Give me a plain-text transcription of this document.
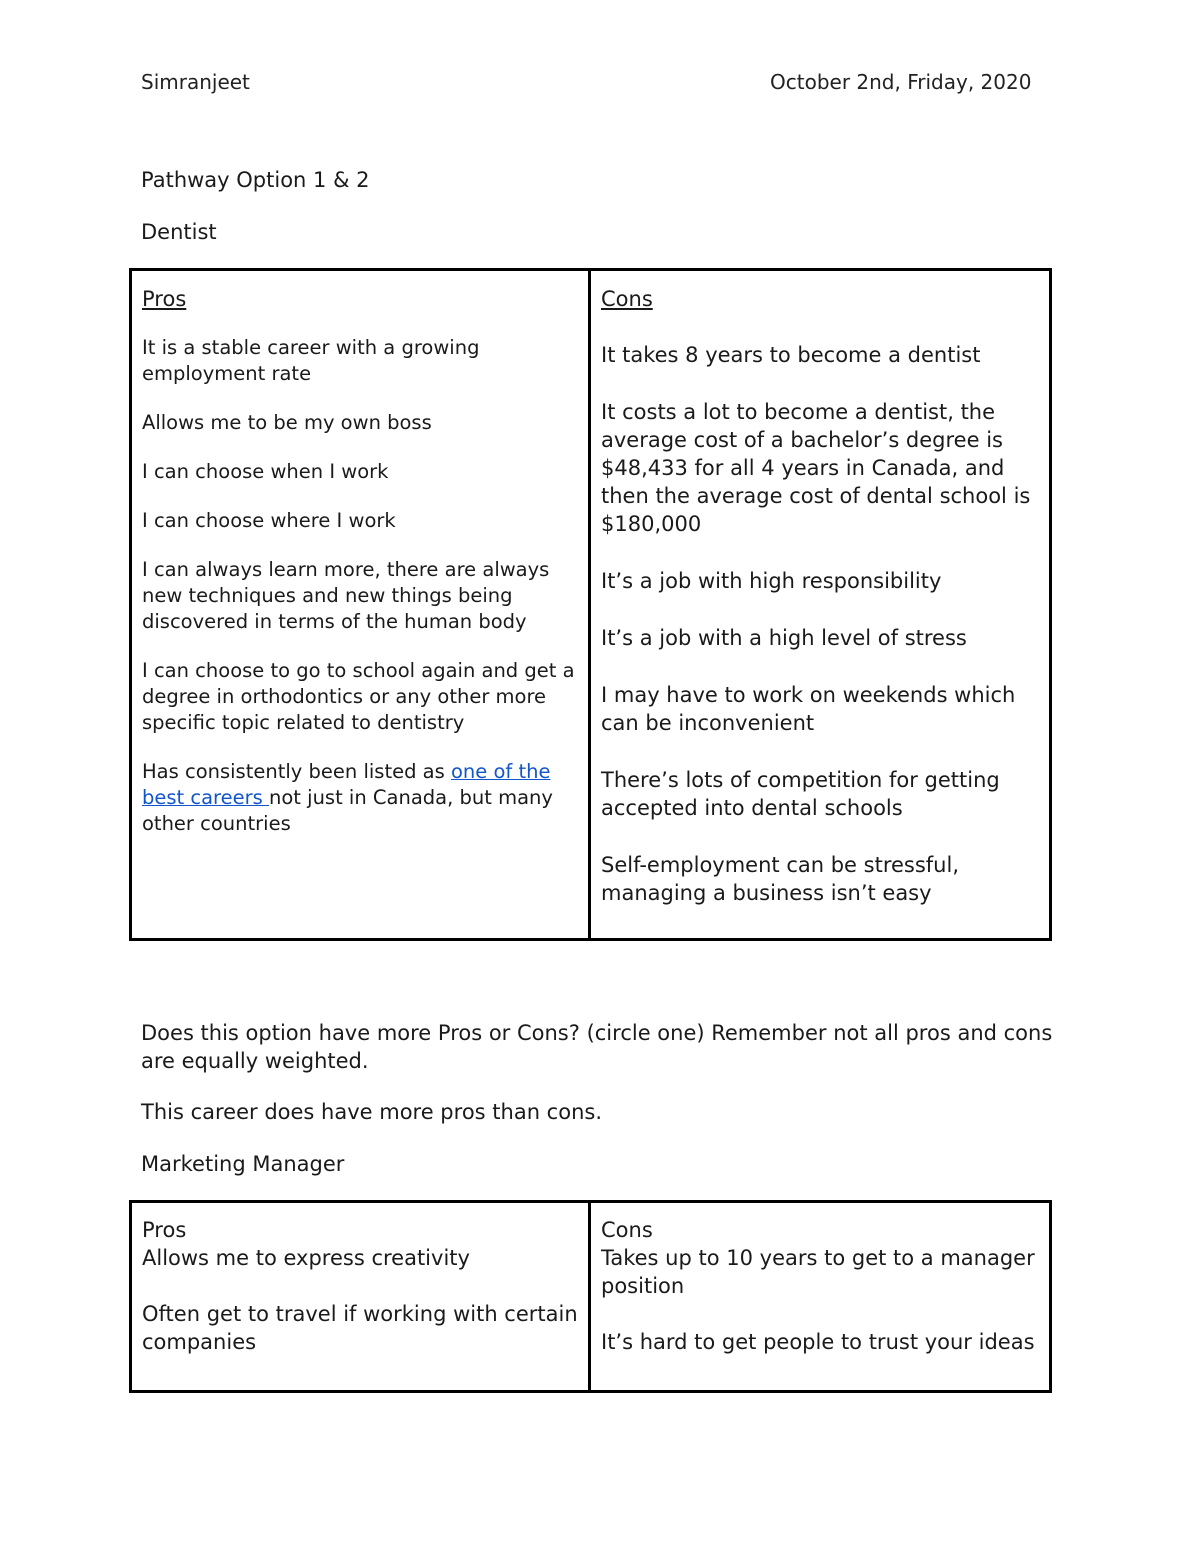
Simranjeet	October 2nd, Friday, 2020
Pathway Option 1 & 2
Dentist

Pros

It is a stable career with a growing employment rate

Allows me to be my own boss

I can choose when I work

I can choose where I work

I can always learn more, there are always new techniques and new things being discovered in terms of the human body

I can choose to go to school again and get a degree in orthodontics or any other more specific topic related to dentistry

Has consistently been listed as one of the best careers not just in Canada, but many other countries

Cons

It takes 8 years to become a dentist

It costs a lot to become a dentist, the average cost of a bachelor’s degree is $48,433 for all 4 years in Canada, and then the average cost of dental school is $180,000

It’s a job with high responsibility

It’s a job with a high level of stress

I may have to work on weekends which can be inconvenient

There’s lots of competition for getting accepted into dental schools

Self-employment can be stressful, managing a business isn’t easy

Does this option have more Pros or Cons? (circle one) Remember not all pros and cons are equally weighted.
This career does have more pros than cons.
Marketing Manager

Pros

Allows me to express creativity

Often get to travel if working with certain companies

Cons

Takes up to 10 years to get to a manager position

It’s hard to get people to trust your ideas
